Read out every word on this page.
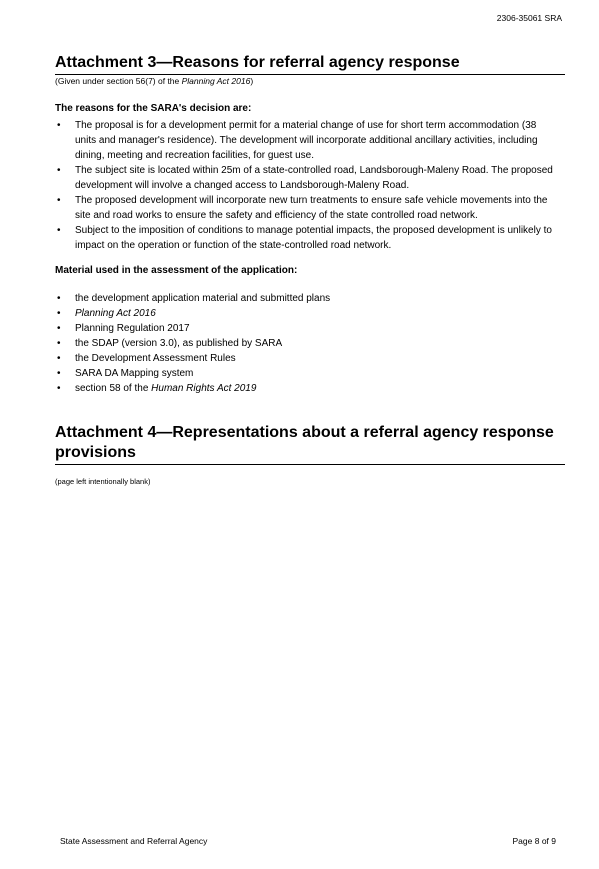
2306-35061 SRA
Attachment 3—Reasons for referral agency response
(Given under section 56(7) of the Planning Act 2016)
The reasons for the SARA's decision are:
• The proposal is for a development permit for a material change of use for short term accommodation (38 units and manager's residence). The development will incorporate additional ancillary activities, including dining, meeting and recreation facilities, for guest use.
• The subject site is located within 25m of a state-controlled road, Landsborough-Maleny Road. The proposed development will involve a changed access to Landsborough-Maleny Road.
• The proposed development will incorporate new turn treatments to ensure safe vehicle movements into the site and road works to ensure the safety and efficiency of the state controlled road network.
• Subject to the imposition of conditions to manage potential impacts, the proposed development is unlikely to impact on the operation or function of the state-controlled road network.
Material used in the assessment of the application:
• the development application material and submitted plans
• Planning Act 2016
• Planning Regulation 2017
• the SDAP (version 3.0), as published by SARA
• the Development Assessment Rules
• SARA DA Mapping system
• section 58 of the Human Rights Act 2019
Attachment 4—Representations about a referral agency response
provisions
(page left intentionally blank)
State Assessment and Referral Agency	Page 8 of 9
